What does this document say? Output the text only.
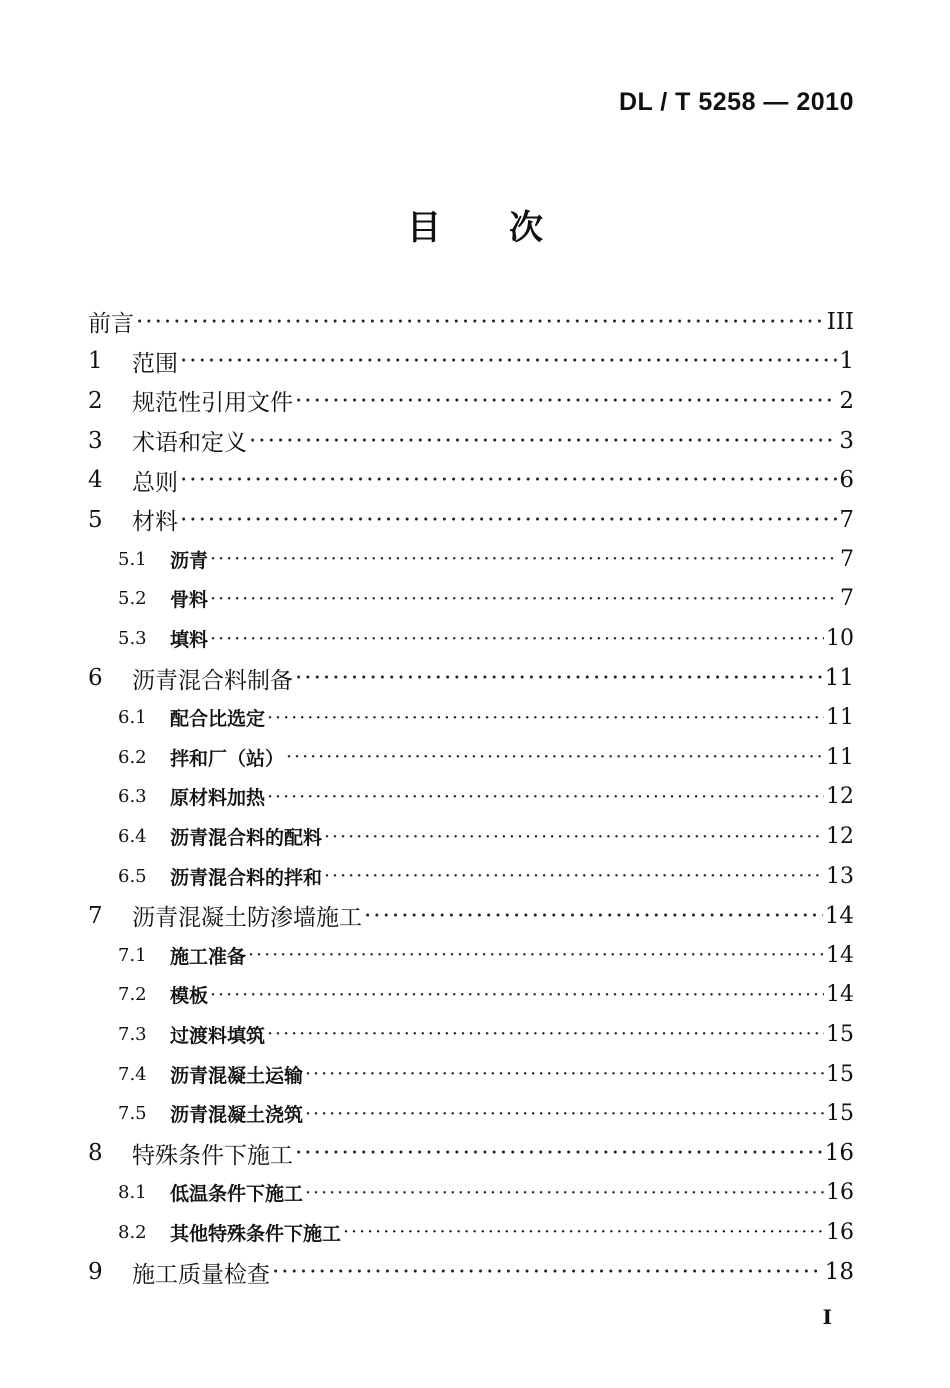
DL / T 5258 — 2010
目 次
前言 ·····	III
1	范围 ·····	1
2	规范性引用文件 ·····	2
3	术语和定义 ·····	3
4	总则 ·····	6
5	材料 ·····	7
5.1	沥青 ·····	7
5.2	骨料 ·····	7
5.3	填料 ·····	10
6	沥青混合料制备 ·····	11
6.1	配合比选定 ·····	11
6.2	拌和厂（站） ·····	11
6.3	原材料加热 ·····	12
6.4	沥青混合料的配料 ·····	12
6.5	沥青混合料的拌和 ·····	13
7	沥青混凝土防渗墙施工 ·····	14
7.1	施工准备 ·····	14
7.2	模板 ·····	14
7.3	过渡料填筑 ·····	15
7.4	沥青混凝土运输 ·····	15
7.5	沥青混凝土浇筑 ·····	15
8	特殊条件下施工 ·····	16
8.1	低温条件下施工 ·····	16
8.2	其他特殊条件下施工 ·····	16
9	施工质量检查 ·····	18
I
